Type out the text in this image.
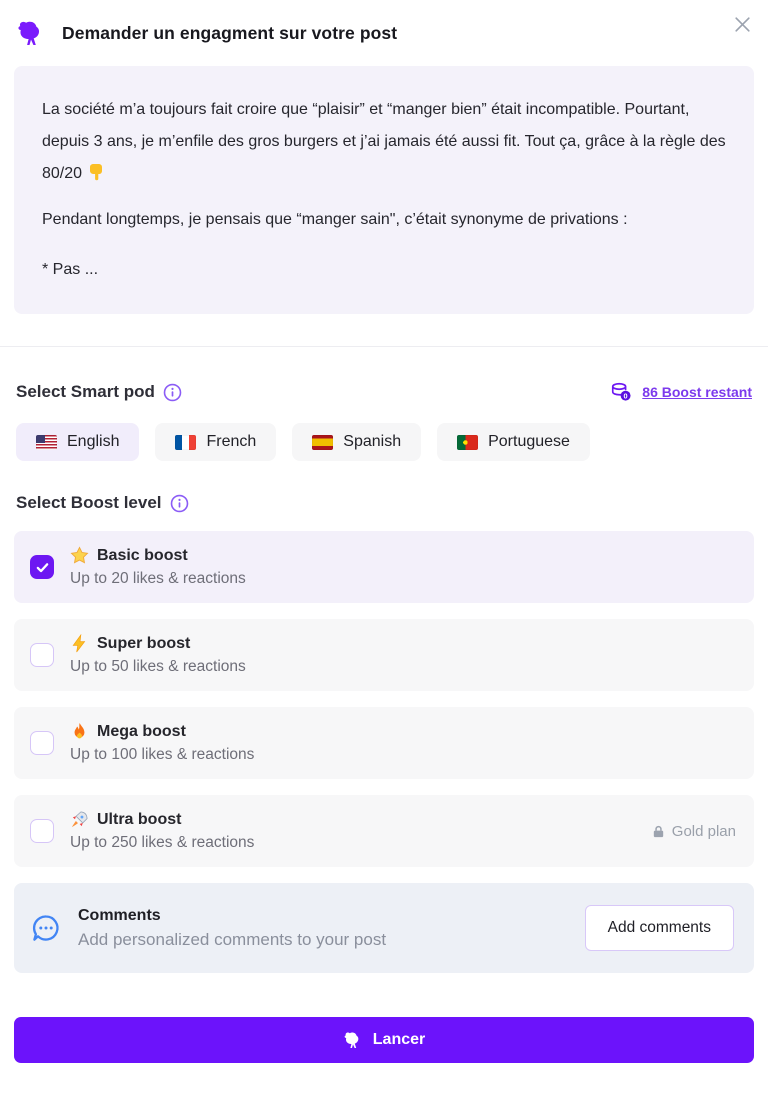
Demander un engagment sur votre post

La société m’a toujours fait croire que “plaisir” et “manger bien” était incompatible. Pourtant, depuis 3 ans, je m’enfile des gros burgers et j’ai jamais été aussi fit. Tout ça, grâce à la règle des 80/20

Pendant longtemps, je pensais que “manger sain", c’était synonyme de privations :

* Pas ...

Select Smart pod	0 86 Boost restant
English	French	Spanish	Portuguese
Select Boost level
Basic boost
Up to 20 likes & reactions
Super boost
Up to 50 likes & reactions
Mega boost
Up to 100 likes & reactions
Ultra boost
Up to 250 likes & reactions
Gold plan
Comments
Add personalized comments to your post
Add comments
Lancer
